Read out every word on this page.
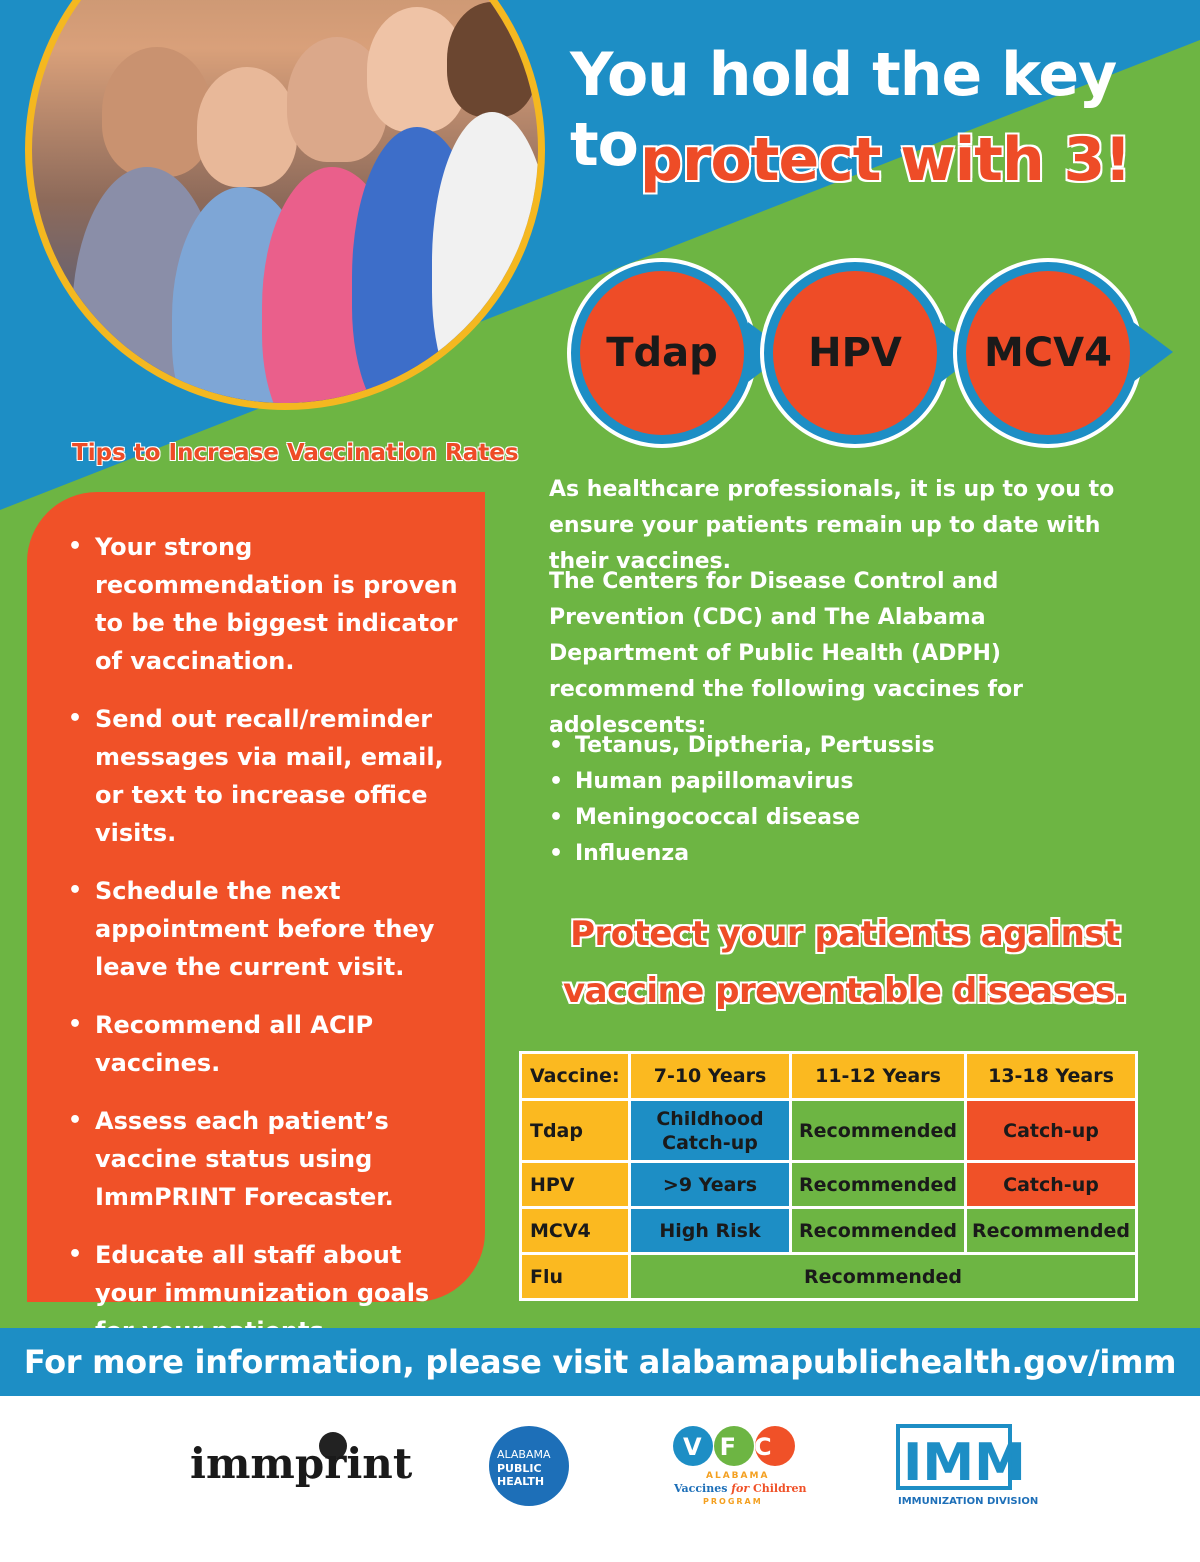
You hold the key to protect with 3!
Tdap	HPV	MCV4
Tips to Increase Vaccination Rates
• Your strong recommendation is proven to be the biggest indicator of vaccination.
• Send out recall/reminder messages via mail, email, or text to increase office visits.
• Schedule the next appointment before they leave the current visit.
• Recommend all ACIP vaccines.
• Assess each patient’s vaccine status using ImmPRINT Forecaster.
• Educate all staff about your immunization goals

As healthcare professionals, it is up to you to ensure your patients remain up to date with their vaccines.

The Centers for Disease Control and Prevention (CDC) and The Alabama Department of Public Health (ADPH) recommend the following vaccines for adolescents:

• Tetanus, Diptheria, Pertussis
• Human papillomavirus
• Meningococcal disease
• Influenza
Protect your patients against
vaccine preventable diseases.
Vaccine:	7-10 Years	11-12 Years	13-18 Years
Tdap	Childhood Catch-up	Recommended	Catch-up
HPV	>9 Years	Recommended	Catch-up
MCV4	High Risk	Recommended	Recommended
Flu	Recommended		
For more information, please visit alabamapublichealth.gov/imm
immprint	ALABAMA
PUBLIC
HEALTH
VFC
ALABAMA
Vaccines for Children
PROGRAM
IMM
IMMUNIZATION DIVISION
